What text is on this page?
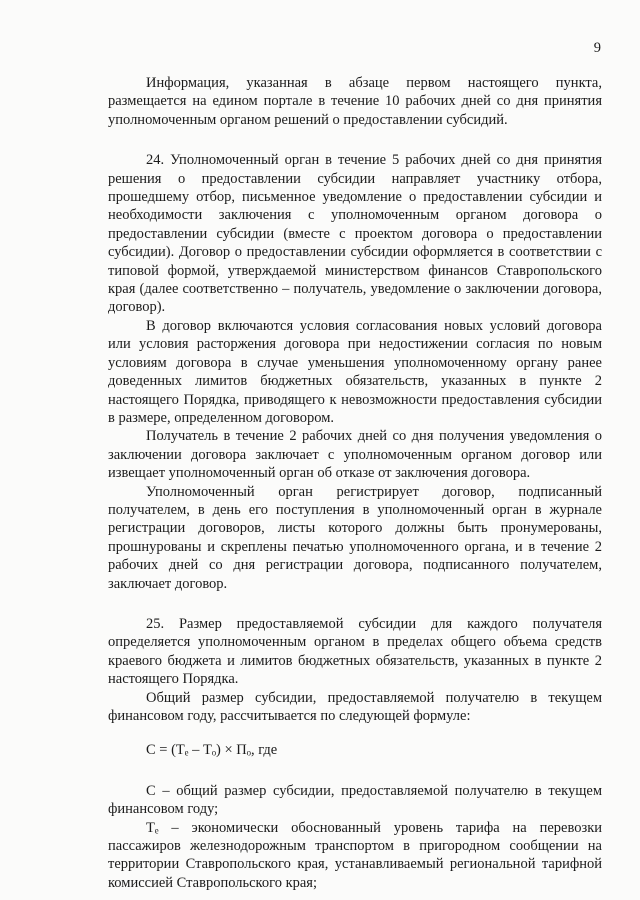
9

Информация, указанная в абзаце первом настоящего пункта, размещается на едином портале в течение 10 рабочих дней со дня принятия уполномоченным органом решений о предоставлении субсидий.

24. Уполномоченный орган в течение 5 рабочих дней со дня принятия решения о предоставлении субсидии направляет участнику отбора, прошедшему отбор, письменное уведомление о предоставлении субсидии и необходимости заключения с уполномоченным органом договора о предоставлении субсидии (вместе с проектом договора о предоставлении субсидии). Договор о предоставлении субсидии оформляется в соответствии с типовой формой, утверждаемой министерством финансов Ставропольского края (далее соответственно – получатель, уведомление о заключении договора, договор).

В договор включаются условия согласования новых условий договора или условия расторжения договора при недостижении согласия по новым условиям договора в случае уменьшения уполномоченному органу ранее доведенных лимитов бюджетных обязательств, указанных в пункте 2 настоящего Порядка, приводящего к невозможности предоставления субсидии в размере, определенном договором.

Получатель в течение 2 рабочих дней со дня получения уведомления о заключении договора заключает с уполномоченным органом договор или извещает уполномоченный орган об отказе от заключения договора.

Уполномоченный орган регистрирует договор, подписанный получателем, в день его поступления в уполномоченный орган в журнале регистрации договоров, листы которого должны быть пронумерованы, прошнурованы и скреплены печатью уполномоченного органа, и в течение 2 рабочих дней со дня регистрации договора, подписанного получателем, заключает договор.

25. Размер предоставляемой субсидии для каждого получателя определяется уполномоченным органом в пределах общего объема средств краевого бюджета и лимитов бюджетных обязательств, указанных в пункте 2 настоящего Порядка.

Общий размер субсидии, предоставляемой получателю в текущем финансовом году, рассчитывается по следующей формуле:

С = (Тₑ – Тₒ) × Пₒ, где

С – общий размер субсидии, предоставляемой получателю в текущем финансовом году;

Тₑ – экономически обоснованный уровень тарифа на перевозки пассажиров железнодорожным транспортом в пригородном сообщении на территории Ставропольского края, устанавливаемый региональной тарифной комиссией Ставропольского края;
